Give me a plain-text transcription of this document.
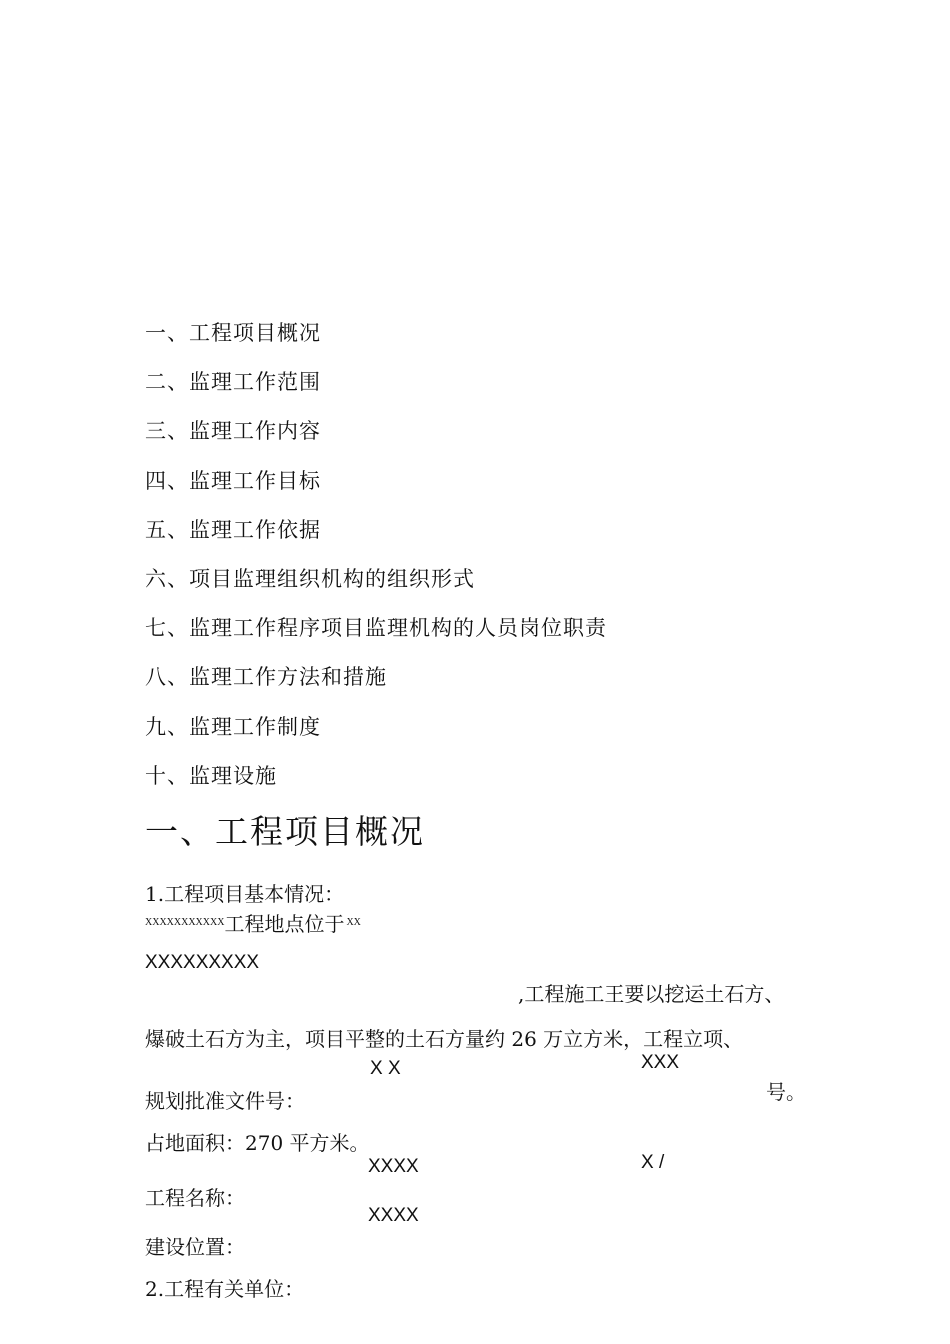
一、工程项目概况
二、监理工作范围
三、监理工作内容
四、监理工作目标
五、监理工作依据
六、项目监理组织机构的组织形式
七、监理工作程序项目监理机构的人员岗位职责
八、监理工作方法和措施
九、监理工作制度
十、监理设施
一、工程项目概况
1.工程项目基本情况：
$^{XXXXXXXXXXX}$工程地点位于 $^{XX}$
XXXXXXXXX
,工程施工王要以挖运土石方、
爆破土石方为主，项目平整的土石方量约 26 万立方米，工程立项、
X X	XXX
规划批准文件号：	号。
占地面积：270 平方米。
XXXX	X /
工程名称：
XXXX
建设位置：
2.工程有关单位：
